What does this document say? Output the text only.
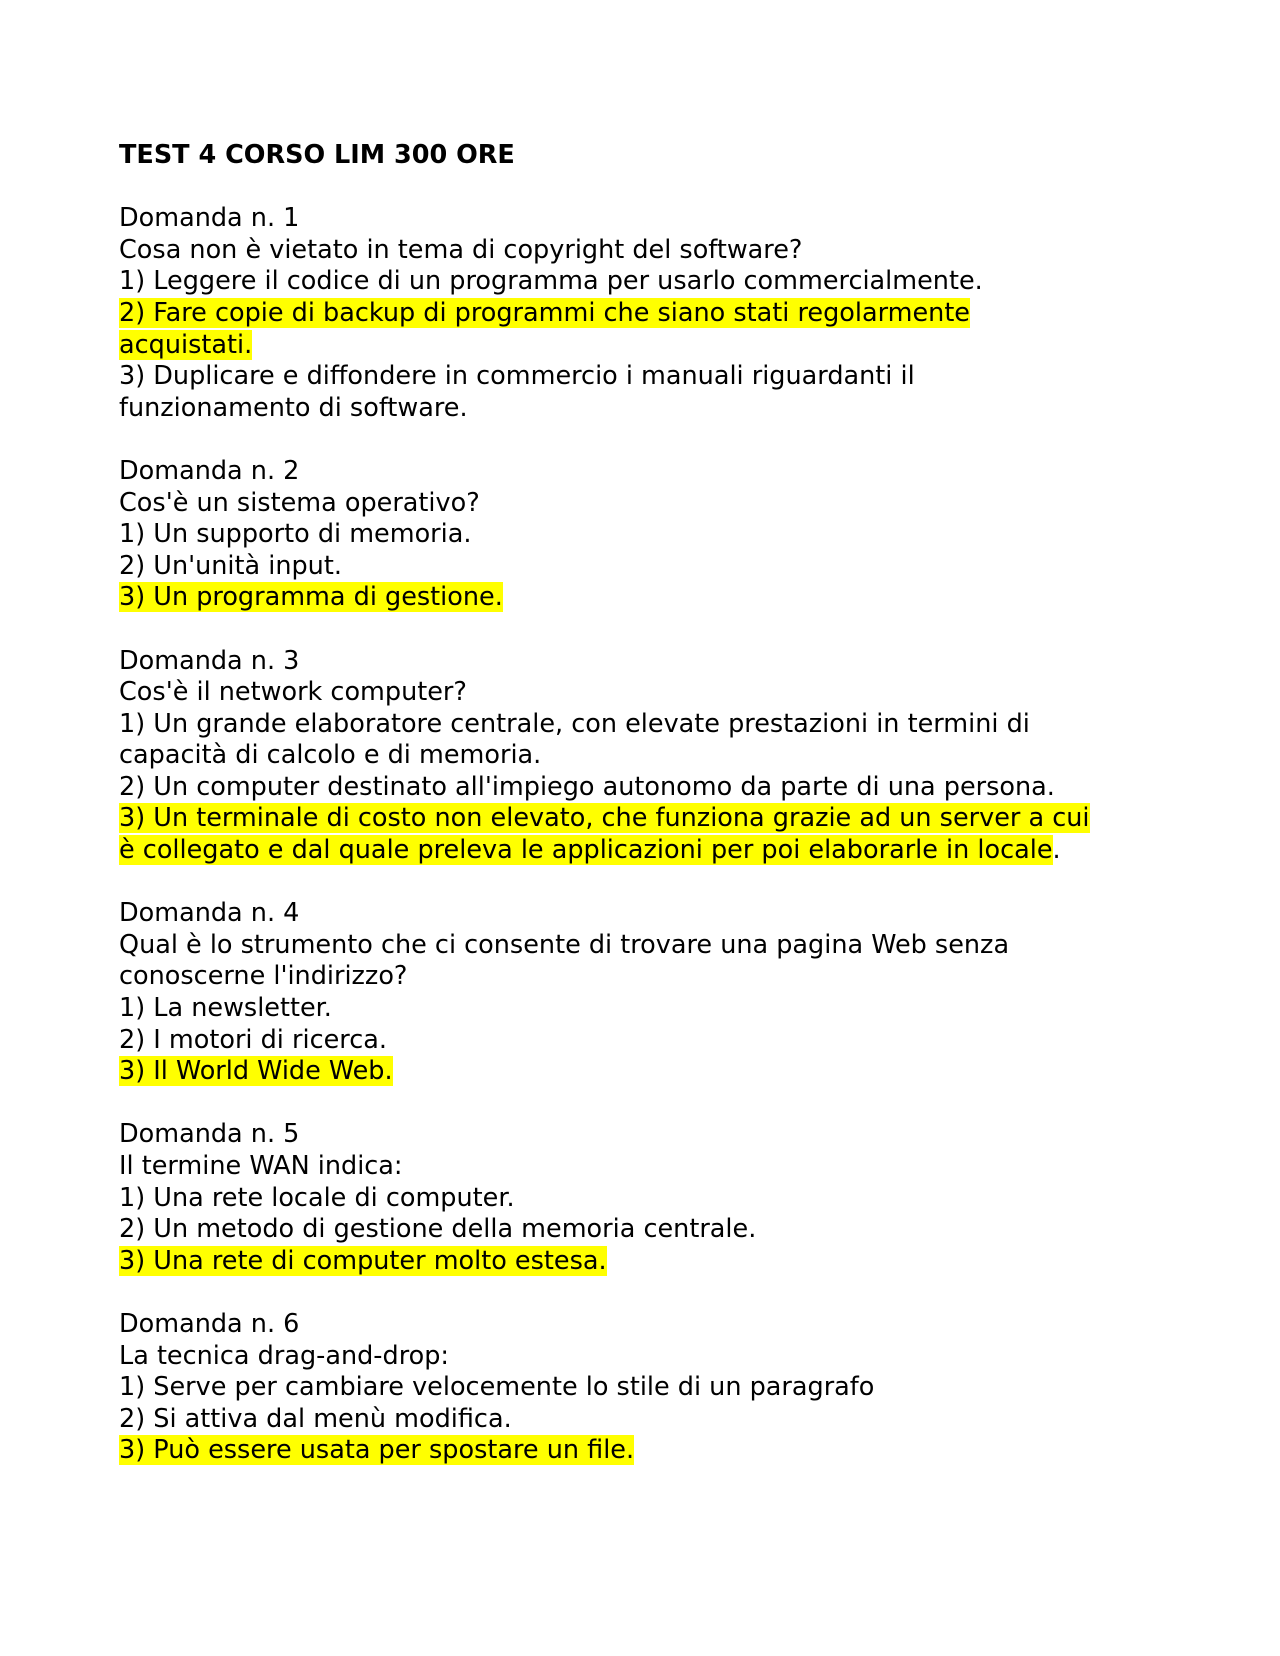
TEST 4 CORSO LIM 300 ORE
Domanda n. 1
Cosa non è vietato in tema di copyright del software?
1) Leggere il codice di un programma per usarlo commercialmente.
2) Fare copie di backup di programmi che siano stati regolarmente
acquistati.
3) Duplicare e diffondere in commercio i manuali riguardanti il
funzionamento di software.
Domanda n. 2
Cos'è un sistema operativo?
1) Un supporto di memoria.
2) Un'unità input.
3) Un programma di gestione.
Domanda n. 3
Cos'è il network computer?
1) Un grande elaboratore centrale, con elevate prestazioni in termini di
capacità di calcolo e di memoria.
2) Un computer destinato all'impiego autonomo da parte di una persona.
3) Un terminale di costo non elevato, che funziona grazie ad un server a cui
è collegato e dal quale preleva le applicazioni per poi elaborarle in locale.
Domanda n. 4
Qual è lo strumento che ci consente di trovare una pagina Web senza
conoscerne l'indirizzo?
1) La newsletter.
2) I motori di ricerca.
3) Il World Wide Web.
Domanda n. 5
Il termine WAN indica:
1) Una rete locale di computer.
2) Un metodo di gestione della memoria centrale.
3) Una rete di computer molto estesa.
Domanda n. 6
La tecnica drag-and-drop:
1) Serve per cambiare velocemente lo stile di un paragrafo
2) Si attiva dal menù modifica.
3) Può essere usata per spostare un file.
